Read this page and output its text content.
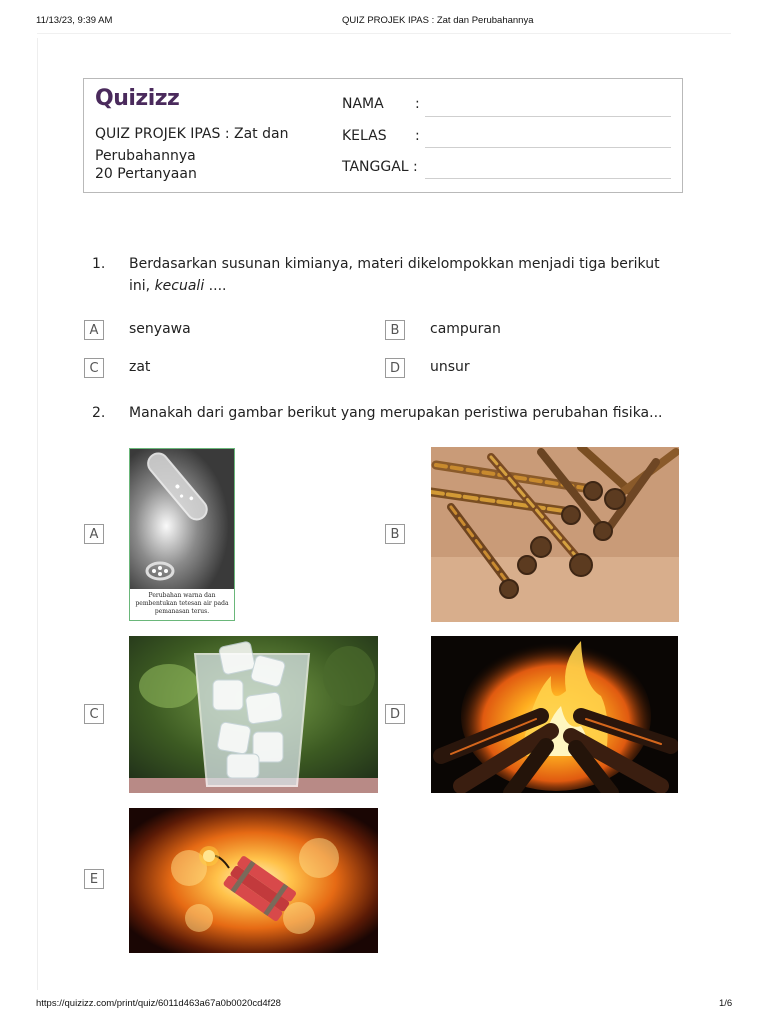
11/13/23, 9:39 AM	QUIZ PROJEK IPAS : Zat dan Perubahannya
Quizizz
QUIZ PROJEK IPAS : Zat dan
Perubahannya
20 Pertanyaan
NAMA :
KELAS :
TANGGAL :
1. Berdasarkan susunan kimianya, materi dikelompokkan menjadi tiga berikut
ini, kecuali ....
A	senyawa	B	campuran
C	zat	D	unsur
2. Manakah dari gambar berikut yang merupakan peristiwa perubahan fisika...
A
Perubahan warna dan
pembentukan tetesan air pada
pemanasan terus.
B
C	D
E
https://quizizz.com/print/quiz/6011d463a67a0b0020cd4f28	1/6
